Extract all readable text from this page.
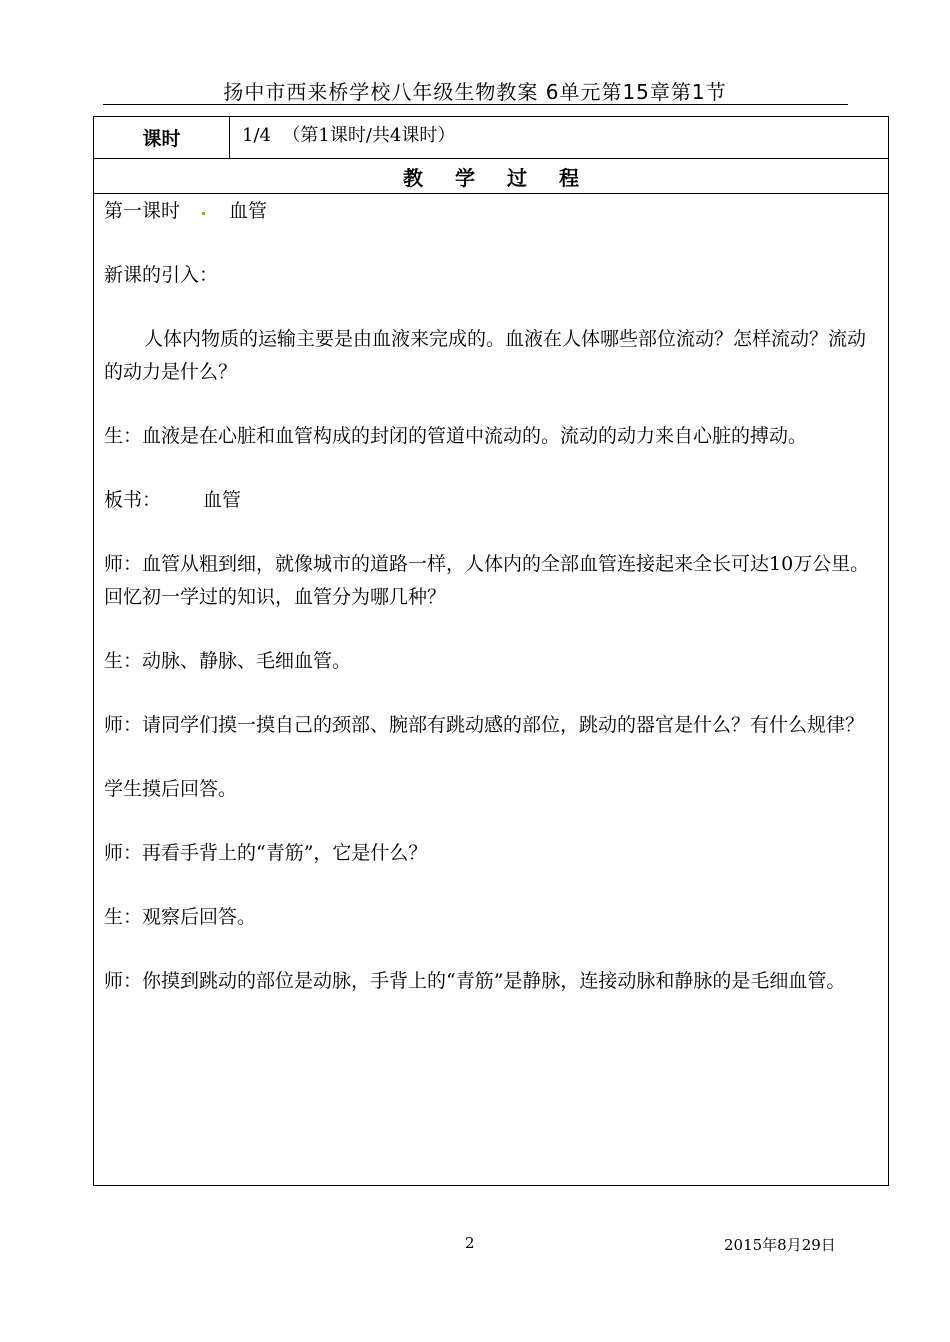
扬中市西来桥学校八年级生物教案 6单元第15章第1节
课时	1/4  （第1课时/共4课时）
教学过程

第一课时	血管

新课的引入：

人体内物质的运输主要是由血液来完成的。血液在人体哪些部位流动？怎样流动？流动的动力是什么？

生：血液是在心脏和血管构成的封闭的管道中流动的。流动的动力来自心脏的搏动。

板书： 血管

师：血管从粗到细，就像城市的道路一样，人体内的全部血管连接起来全长可达10万公里。回忆初一学过的知识，血管分为哪几种？

生：动脉、静脉、毛细血管。

师：请同学们摸一摸自己的颈部、腕部有跳动感的部位，跳动的器官是什么？有什么规律？

学生摸后回答。

师：再看手背上的“青筋”，它是什么？

生：观察后回答。

师：你摸到跳动的部位是动脉，手背上的“青筋”是静脉，连接动脉和静脉的是毛细血管。

2	2015年8月29日
